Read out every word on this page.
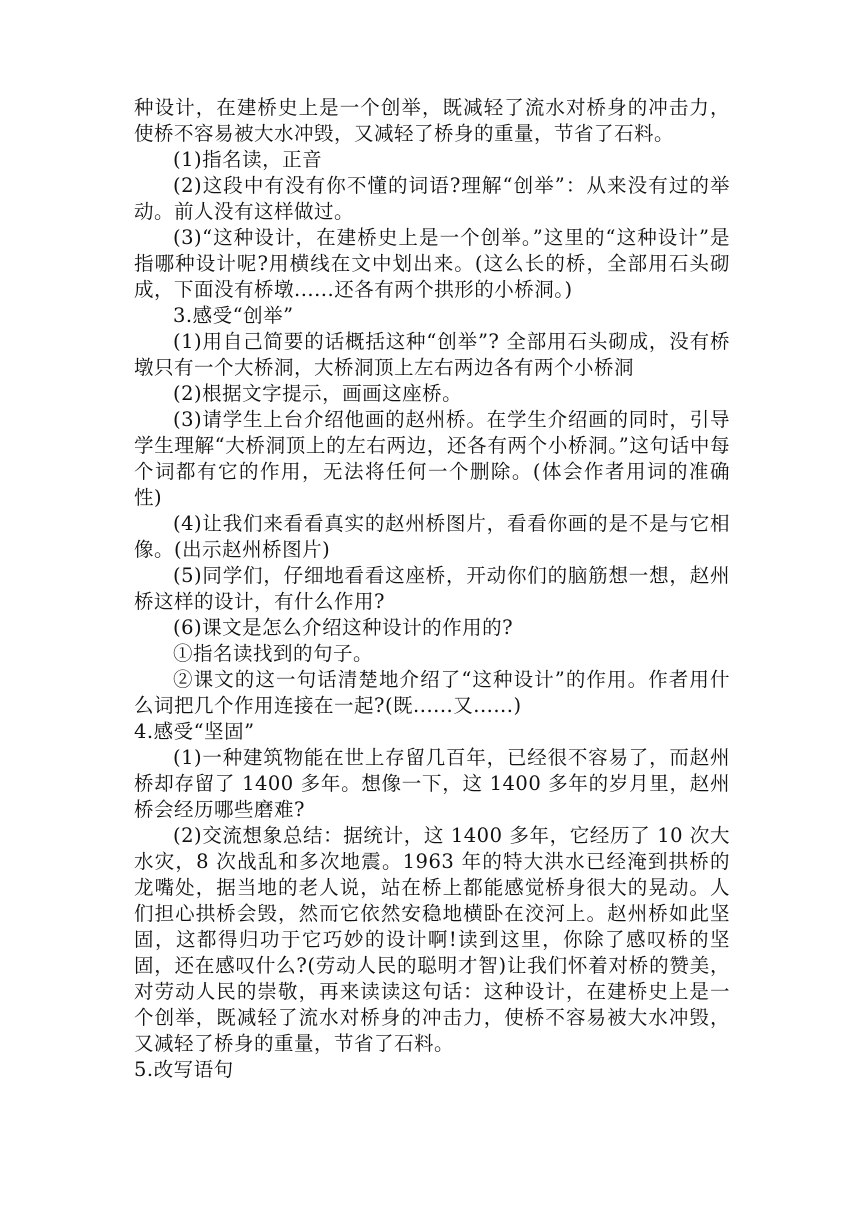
种设计，在建桥史上是一个创举，既减轻了流水对桥身的冲击力，使桥不容易被大水冲毁，又减轻了桥身的重量，节省了石料。

(1)指名读，正音

(2)这段中有没有你不懂的词语?理解“创举”：从来没有过的举动。前人没有这样做过。

(3)“这种设计，在建桥史上是一个创举。”这里的“这种设计”是指哪种设计呢?用横线在文中划出来。(这么长的桥，全部用石头砌成，下面没有桥墩......还各有两个拱形的小桥洞。)

3.感受“创举”

(1)用自己简要的话概括这种“创举”? 全部用石头砌成，没有桥墩只有一个大桥洞，大桥洞顶上左右两边各有两个小桥洞

(2)根据文字提示，画画这座桥。

(3)请学生上台介绍他画的赵州桥。在学生介绍画的同时，引导学生理解“大桥洞顶上的左右两边，还各有两个小桥洞。”这句话中每个词都有它的作用，无法将任何一个删除。(体会作者用词的准确性)

(4)让我们来看看真实的赵州桥图片，看看你画的是不是与它相像。(出示赵州桥图片)

(5)同学们，仔细地看看这座桥，开动你们的脑筋想一想，赵州桥这样的设计，有什么作用?

(6)课文是怎么介绍这种设计的作用的?

①指名读找到的句子。

②课文的这一句话清楚地介绍了“这种设计”的作用。作者用什么词把几个作用连接在一起?(既......又......)

4.感受“坚固”

(1)一种建筑物能在世上存留几百年，已经很不容易了，而赵州桥却存留了 1400 多年。想像一下，这 1400 多年的岁月里，赵州桥会经历哪些磨难?

(2)交流想象总结：据统计，这 1400 多年，它经历了 10 次大水灾，8 次战乱和多次地震。1963 年的特大洪水已经淹到拱桥的龙嘴处，据当地的老人说，站在桥上都能感觉桥身很大的晃动。人们担心拱桥会毁，然而它依然安稳地横卧在洨河上。赵州桥如此坚固，这都得归功于它巧妙的设计啊!读到这里，你除了感叹桥的坚固，还在感叹什么?(劳动人民的聪明才智)让我们怀着对桥的赞美，对劳动人民的崇敬，再来读读这句话：这种设计，在建桥史上是一个创举，既减轻了流水对桥身的冲击力，使桥不容易被大水冲毁，又减轻了桥身的重量，节省了石料。

5.改写语句
